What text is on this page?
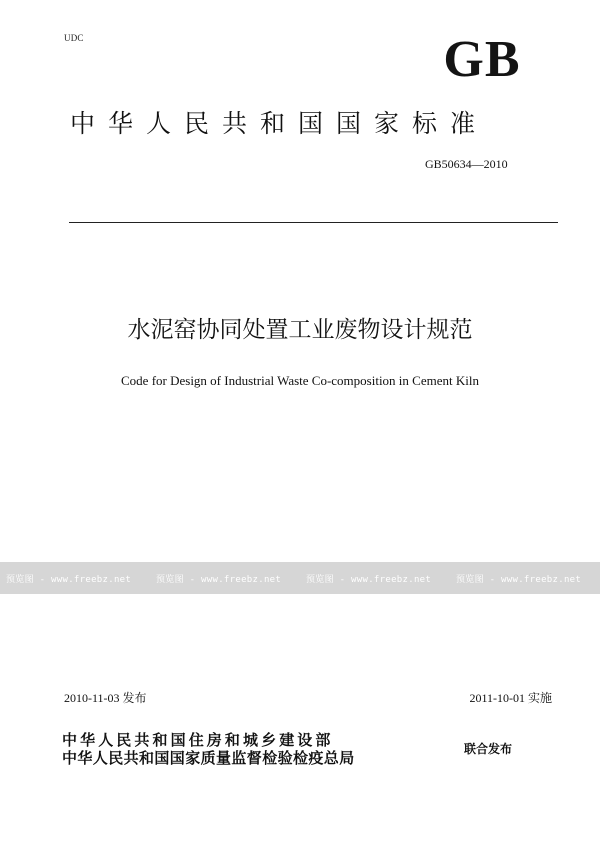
UDC	GB
中华人民共和国国家标准
GB50634—2010
水泥窑协同处置工业废物设计规范
Code for Design of Industrial Waste Co-composition in Cement Kiln
预览图 - www.freebz.net	预览图 - www.freebz.net	预览图 - www.freebz.net	预览图 - www.freebz.net
2010-11-03 发布	2011-10-01 实施
中华人民共和国住房和城乡建设部
中华人民共和国国家质量监督检验检疫总局	联合发布
